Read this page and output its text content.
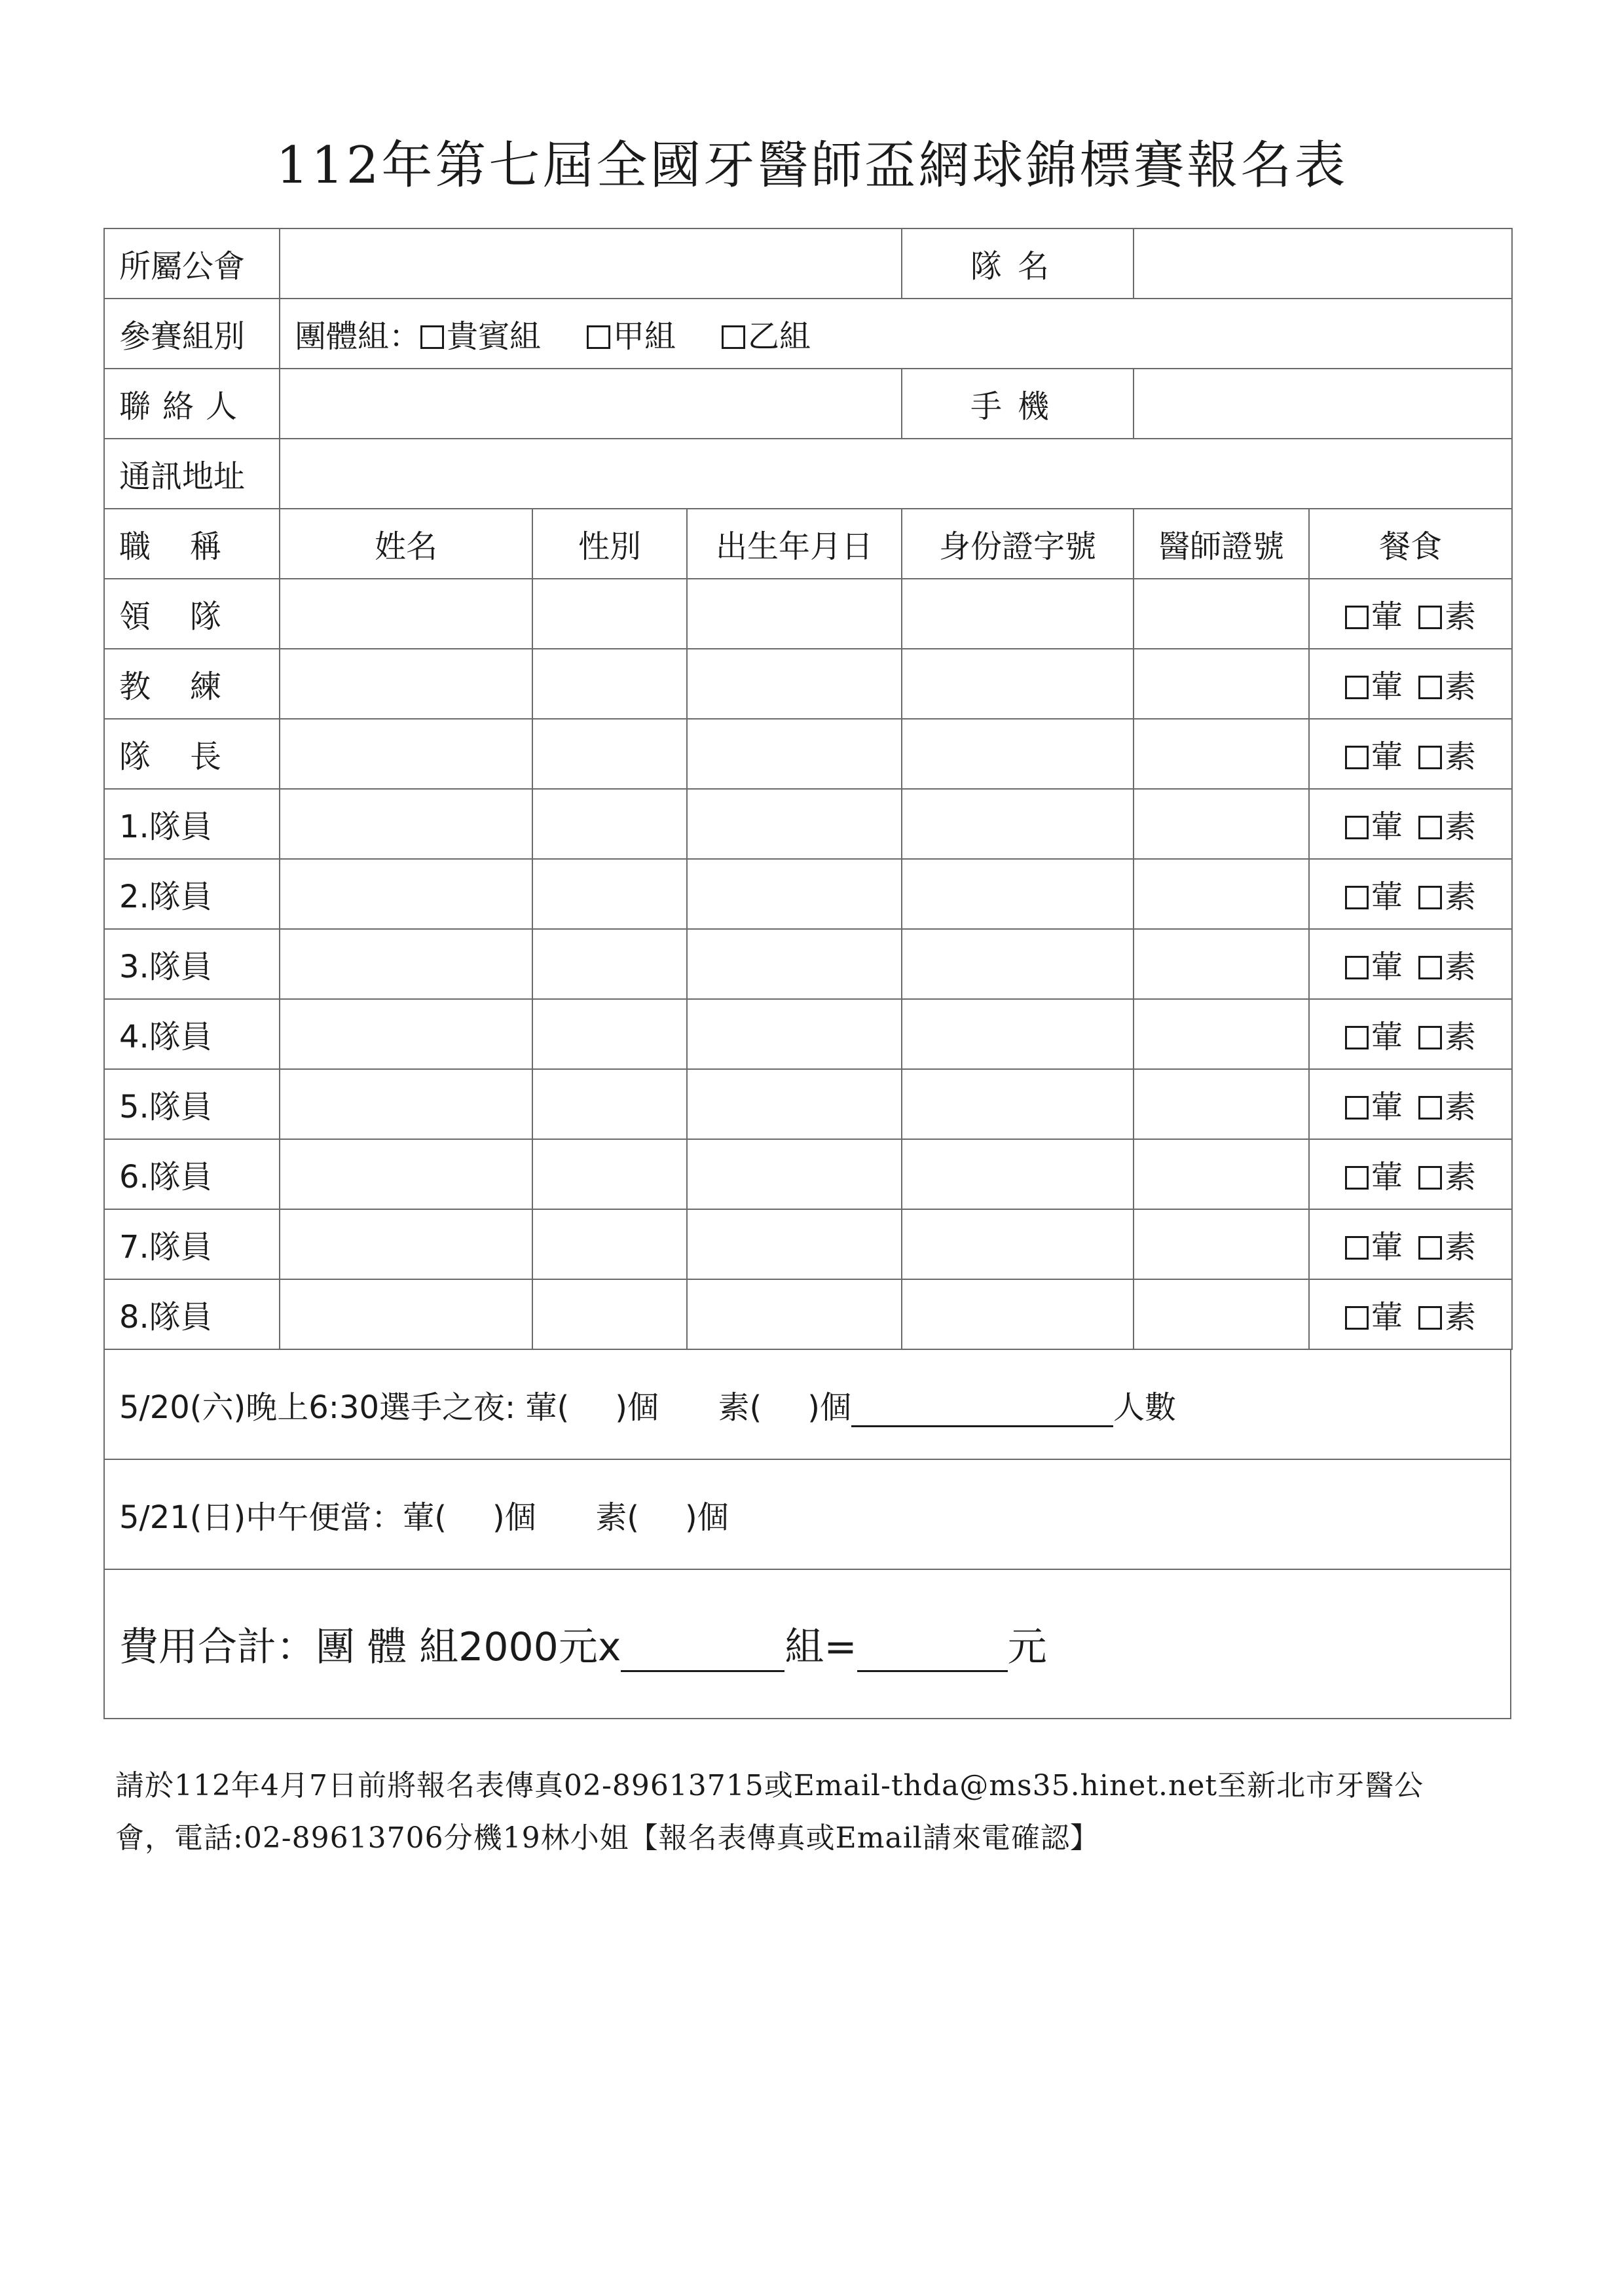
112年第七屆全國牙醫師盃網球錦標賽報名表
所屬公會				隊名		
參賽組別	團體組： 貴賓組 甲組 乙組					
聯絡人				手機		
通訊地址						
職稱	姓名	性別	出生年月日	身份證字號	醫師證號	餐食
領隊						葷 素
教練						葷 素
隊長						葷 素
1.隊員						葷 素
2.隊員						葷 素
3.隊員						葷 素
4.隊員						葷 素
5.隊員						葷 素
6.隊員						葷 素
7.隊員						葷 素
8.隊員						葷 素
5/20(六)晚上6:30選手之夜: 葷( )個 素( )個	人數
5/21(日)中午便當：葷( )個 素( )個
費用合計：團 體 組2000元x	組=	元
請於112年4月7日前將報名表傳真02-89613715或Email-thda@ms35.hinet.net至新北市牙醫公
會，電話:02-89613706分機19林小姐【報名表傳真或Email請來電確認】
